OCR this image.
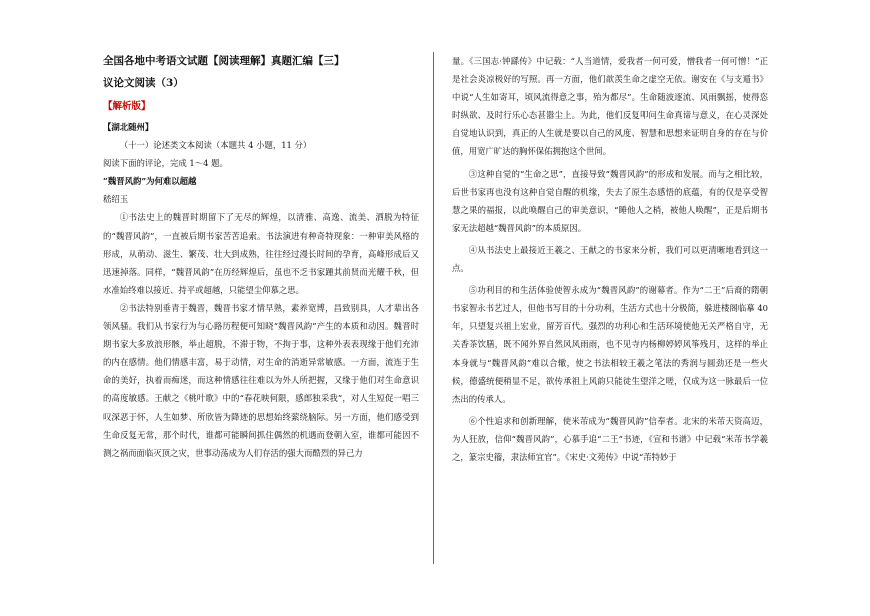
全国各地中考语文试题【阅读理解】真题汇编【三】

议论文阅读（3）

【解析版】

【湖北随州】

（十一）论述类文本阅读（本题共 4 小题，11 分）

阅读下面的评论，完成 1～4 题。

“魏晋风韵”为何难以超越

嵇绍玉

①书法史上的魏晋时期留下了无尽的辉煌，以清雅、高逸、流美、洒脱为特征的“魏晋风韵”，一直被后期书家苦苦追索。书法演进有种奇特现象：一种审美风格的形成，从萌动、滋生、繁茂、壮大到成熟，往往经过漫长时间的孕育，高峰形成后又迅速掉落。同样，“魏晋风韵”在历经辉煌后，虽也不乏书家踵其前贤而光耀千秋，但水准始终难以接近、持平或超越，只能望尘仰慕之思。

②书法特别垂青于魏晋，魏晋书家才情早熟，素养宽博，昌致别具，人才辈出各领风骚。我们从书家行为与心路历程便可知晓“魏晋风韵”产生的本质和动因。魏晋时期书家大多放浪形骸，举止超脱，不滞于物，不拘于事，这种外表表现缘于他们充沛的内在感情。他们情感丰富，易于动情，对生命的消逝异常敏感。一方面，流连于生命的美好，执着而痴迷，而这种情感往往难以为外人所把握，又缘于他们对生命意识的高度敏感。王献之《桃叶歌》中的“春花映何限，感郎独采我”，对人生短促一唱三叹深恶于怀，人生如梦、所欣皆为降迹的思想始终萦绕脑际。另一方面，他们感受到生命反复无常，那个时代，谁都可能瞬间抓住偶然的机遇而登朝入室，谁都可能因不测之祸而面临灭顶之灾，世事动荡成为人们存活的强大而酷烈的异己力

量。《三国志·钟繇传》中记载：“人当道情，爱我者一何可爱，憎我者一何可憎！”正是社会炎凉极好的写照。再一方面，他们歆羡生命之虚空无依。谢安在《与支遁书》中说“人生如寄耳，顷风流得意之事，殆为都尽”。生命随波逐流、风雨飘摇，使得恣时纵欲、及时行乐心态甚嚣尘上。为此，他们反复叩问生命真谛与意义，在心灵深处自觉地认识到，真正的人生就是要以自己的风度、智慧和思想来证明自身的存在与价值，用宽广旷达的胸怀保佑拥抱这个世间。

③这种自觉的“生命之思”，直接导致“魏晋风韵”的形成和发展。而与之相比较，后世书家再也没有这种自觉自醒的机缘，失去了原生态感悟的底蕴，有的仅是享受智慧之果的福报，以此唤醒自己的审美意识，“睡他人之梢，被他人唤醒”，正是后期书家无法超越“魏晋风韵”的本质原因。

④从书法史上最接近王羲之、王献之的书家来分析，我们可以更清晰地看到这一点。

⑤功利目的和生活体验使智永成为“魏晋风韵”的谢幕者。作为“二王”后裔的隋朝书家智永书艺过人，但他书写目的十分功利，生活方式也十分极简，躲进楼阁临摹 40 年，只望复兴祖上宏业，留芳百代。强烈的功利心和生活环境使他无关严格自守，无关香茶饮膳，既不闻外界自然风风雨雨，也不见寺内杨柳婷婷风筝残月，这样的举止本身就与“魏晋风韵”难以合辙，使之书法相较王羲之笔法的秀润与圆劲还是一些火候，德盛统便稍显不足，欲传承祖上风韵只能徒生望洋之嗟，仅成为这一脉最后一位杰出的传承人。

⑥个性追求和创新理解，使米芾成为“魏晋风韵”信奉者。北宋的米芾天资高迈，为人狂放，信仰“魏晋风韵”，心慕手追“二王”书迹，《宣和书谱》中记载“米芾书学羲之，篆宗史籀，隶法师宜官”。《宋史·文苑传》中说“芾特妙于
